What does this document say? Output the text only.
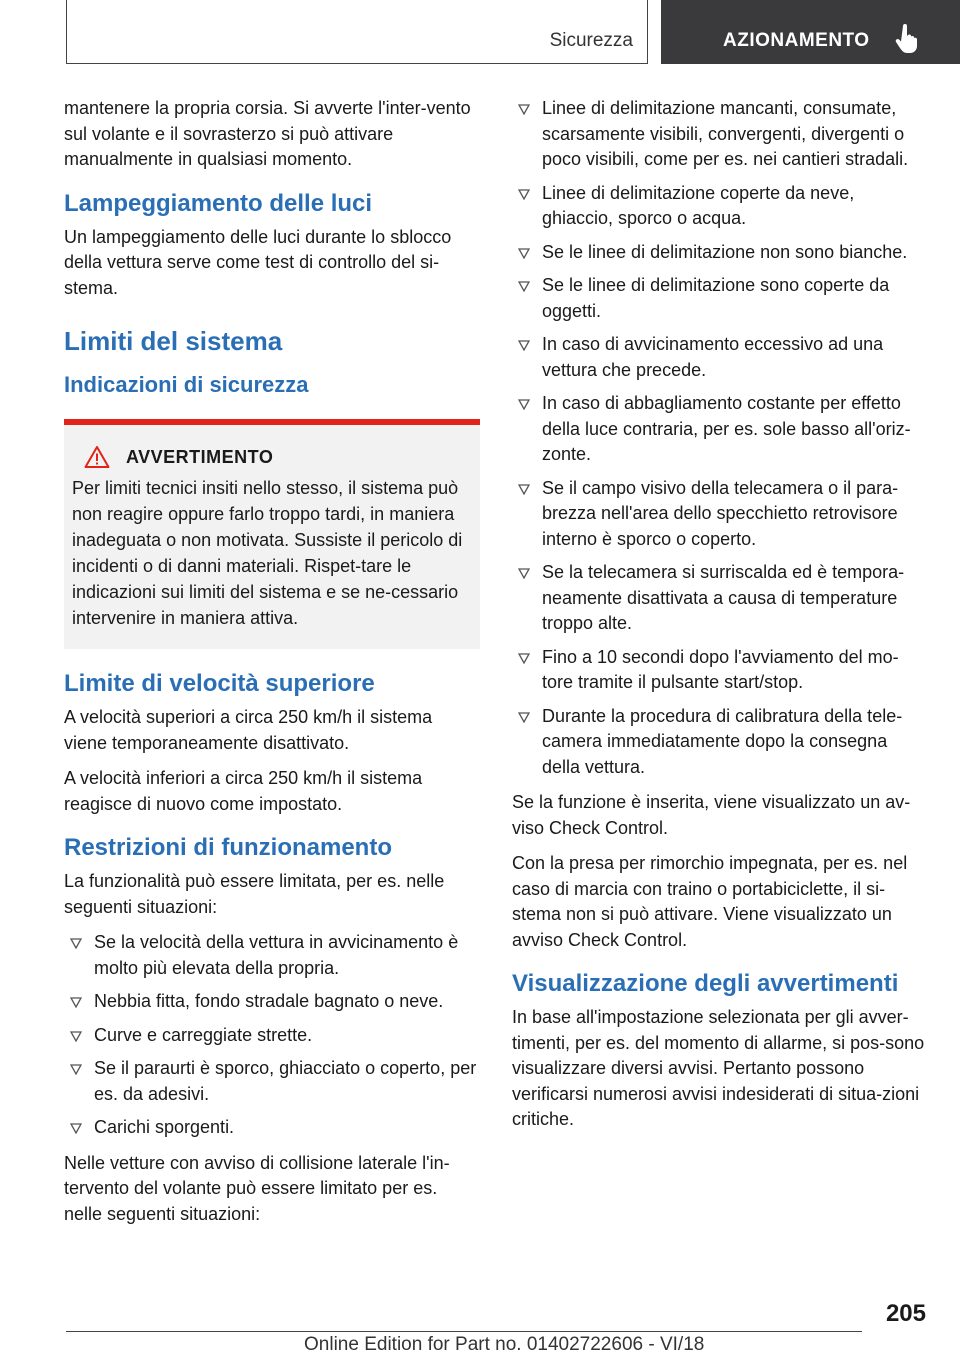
Sicurezza	AZIONAMENTO

mantenere la propria corsia. Si avverte l'inter-vento sul volante e il sovrasterzo si può attivare manualmente in qualsiasi momento.

Lampeggiamento delle luci

Un lampeggiamento delle luci durante lo sblocco della vettura serve come test di controllo del si-stema.

Limiti del sistema
Indicazioni di sicurezza
AVVERTIMENTO

Per limiti tecnici insiti nello stesso, il sistema può non reagire oppure farlo troppo tardi, in maniera inadeguata o non motivata. Sussiste il pericolo di incidenti o di danni materiali. Rispet-tare le indicazioni sui limiti del sistema e se ne-cessario intervenire in maniera attiva.

Limite di velocità superiore

A velocità superiori a circa 250 km/h il sistema viene temporaneamente disattivato.

A velocità inferiori a circa 250 km/h il sistema reagisce di nuovo come impostato.

Restrizioni di funzionamento

La funzionalità può essere limitata, per es. nelle seguenti situazioni:

Se la velocità della vettura in avvicinamento è molto più elevata della propria.
Nebbia fitta, fondo stradale bagnato o neve.
Curve e carreggiate strette.
Se il paraurti è sporco, ghiacciato o coperto, per es. da adesivi.
Carichi sporgenti.

Nelle vetture con avviso di collisione laterale l'in-tervento del volante può essere limitato per es. nelle seguenti situazioni:

Linee di delimitazione mancanti, consumate, scarsamente visibili, convergenti, divergenti o poco visibili, come per es. nei cantieri stradali.
Linee di delimitazione coperte da neve, ghiaccio, sporco o acqua.
Se le linee di delimitazione non sono bianche.
Se le linee di delimitazione sono coperte da oggetti.
In caso di avvicinamento eccessivo ad una vettura che precede.
In caso di abbagliamento costante per effetto della luce contraria, per es. sole basso all'oriz-zonte.
Se il campo visivo della telecamera o il para-brezza nell'area dello specchietto retrovisore interno è sporco o coperto.
Se la telecamera si surriscalda ed è tempora-neamente disattivata a causa di temperature troppo alte.
Fino a 10 secondi dopo l'avviamento del mo-tore tramite il pulsante start/stop.
Durante la procedura di calibratura della tele-camera immediatamente dopo la consegna della vettura.

Se la funzione è inserita, viene visualizzato un av-viso Check Control.

Con la presa per rimorchio impegnata, per es. nel caso di marcia con traino o portabiciclette, il si-stema non si può attivare. Viene visualizzato un avviso Check Control.

Visualizzazione degli avvertimenti

In base all'impostazione selezionata per gli avver-timenti, per es. del momento di allarme, si pos-sono visualizzare diversi avvisi. Pertanto possono verificarsi numerosi avvisi indesiderati di situa-zioni critiche.

205
Online Edition for Part no. 01402722606 - VI/18
